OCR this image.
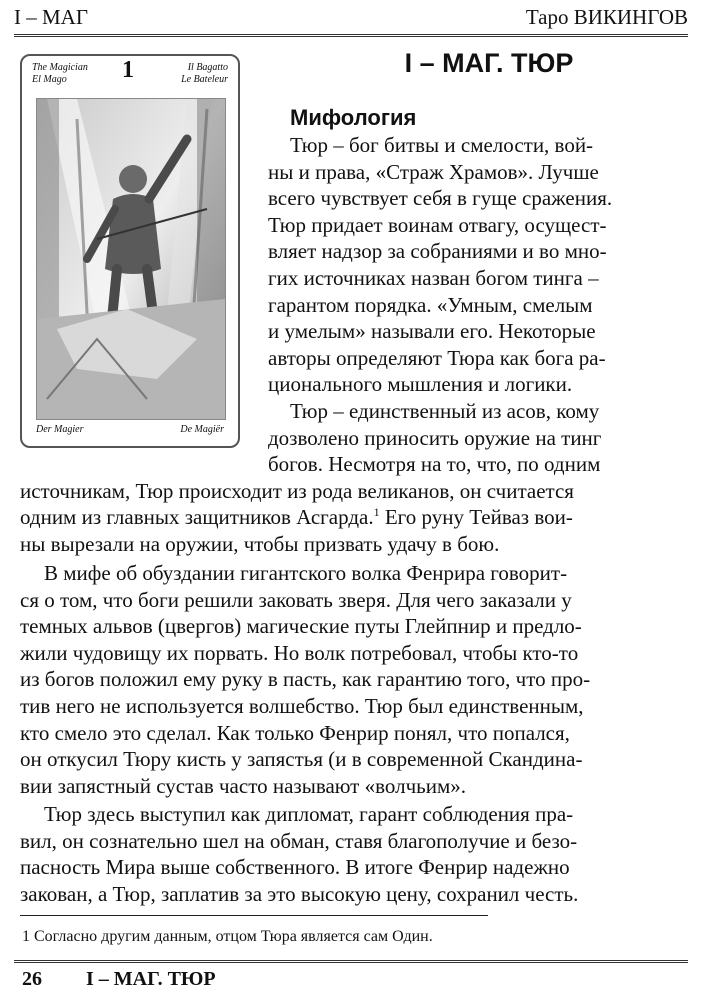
I – МАГ	Таро ВИКИНГОВ
The Magician
El Mago	1	Il Bagatto
Le Bateleur
Der Magier	De Magiër
I – МАГ. ТЮР
Мифология
Тюр – бог битвы и смелости, вой-
ны и права, «Страж Храмов». Лучше
всего чувствует себя в гуще сражения.
Тюр придает воинам отвагу, осущест-
вляет надзор за собраниями и во мно-
гих источниках назван богом тинга –
гарантом порядка. «Умным, смелым
и умелым» называли его. Некоторые
авторы определяют Тюра как бога ра-
ционального мышления и логики.
Тюр – единственный из асов, кому
дозволено приносить оружие на тинг
богов. Несмотря на то, что, по одним
источникам, Тюр происходит из рода великанов, он считается
одним из главных защитников Асгарда.$^1$ Его руну Тейваз вои-
ны вырезали на оружии, чтобы призвать удачу в бою.
В мифе об обуздании гигантского волка Фенрира говорит-
ся о том, что боги решили заковать зверя. Для чего заказали у
темных альвов (цвергов) магические путы Глейпнир и предло-
жили чудовищу их порвать. Но волк потребовал, чтобы кто-то
из богов положил ему руку в пасть, как гарантию того, что про-
тив него не используется волшебство. Тюр был единственным,
кто смело это сделал. Как только Фенрир понял, что попался,
он откусил Тюру кисть у запястья (и в современной Скандина-
вии запястный сустав часто называют «волчьим».
Тюр здесь выступил как дипломат, гарант соблюдения пра-
вил, он сознательно шел на обман, ставя благополучие и безо-
пасность Мира выше собственного. В итоге Фенрир надежно
закован, а Тюр, заплатив за это высокую цену, сохранил честь.
1 Согласно другим данным, отцом Тюра является сам Один.
26 I – МАГ. ТЮР
